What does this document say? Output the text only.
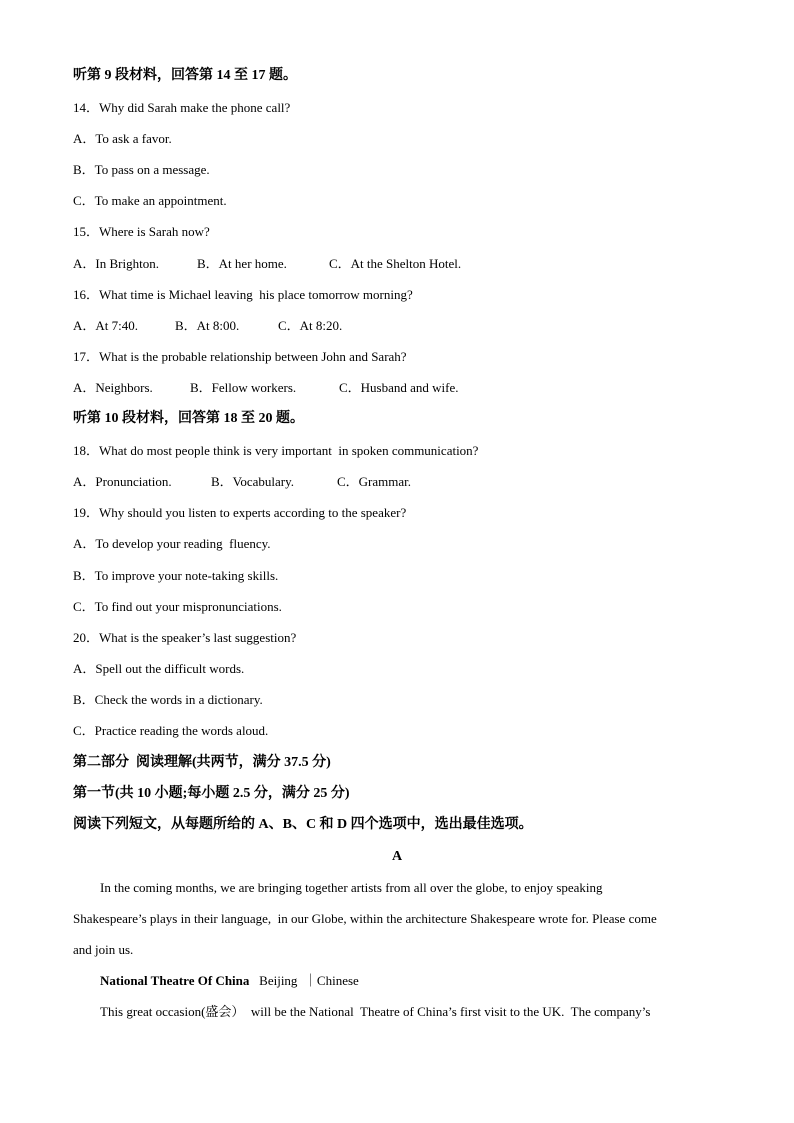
听第 9 段材料，回答第 14 至 17 题。
14．Why did Sarah make the phone call?
A．To ask a favor.
B．To pass on a message.
C．To make an appointment.
15．Where is Sarah now?
A．In Brighton.	B．At her home.	C．At the Shelton Hotel.
16．What time is Michael leaving  his place tomorrow morning?
A．At 7:40.	B．At 8:00.	C．At 8:20.
17．What is the probable relationship between John and Sarah?
A．Neighbors.	B．Fellow workers.	C．Husband and wife.
听第 10 段材料，回答第 18 至 20 题。
18．What do most people think is very important  in spoken communication?
A．Pronunciation.	B．Vocabulary.	C．Grammar.
19．Why should you listen to experts according to the speaker?
A．To develop your reading  fluency.
B．To improve your note-taking skills.
C．To find out your mispronunciations.
20．What is the speaker’s last suggestion?
A．Spell out the difficult words.
B．Check the words in a dictionary.
C．Practice reading the words aloud.
第二部分  阅读理解(共两节，满分 37.5 分)
第一节(共 10 小题;每小题 2.5 分，满分 25 分)
阅读下列短文，从每题所给的 A、B、C 和 D 四个选项中，选出最佳选项。
A
In the coming months, we are bringing together artists from all over the globe, to enjoy speaking
Shakespeare’s plays in their language,  in our Globe, within the architecture Shakespeare wrote for. Please come
and join us.
National Theatre Of China   Beijing  ｜Chinese
This great occasion(盛会）  will be the National  Theatre of China’s first visit to the UK.  The company’s
